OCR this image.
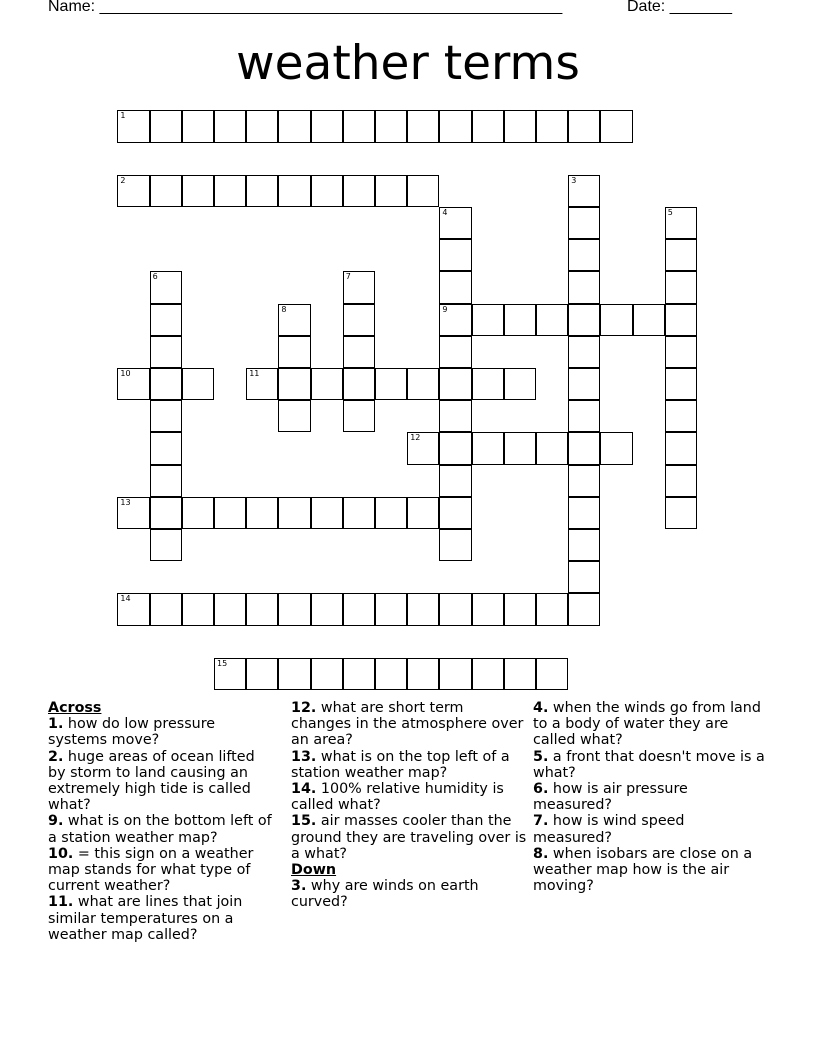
Name: ____________________________________________________	Date: _______
weather terms
1
2	3
4
9
5
6	7
8
10	11
12
13
14
15

Across

1. how do low pressure systems move?

2. huge areas of ocean lifted by storm to land causing an extremely high tide is called what?

9. what is on the bottom left of a station weather map?

10. = this sign on a weather map stands for what type of current weather?

11. what are lines that join similar temperatures on a weather map called?

12. what are short term changes in the atmosphere over an area?

13. what is on the top left of a station weather map?

14. 100% relative humidity is called what?

15. air masses cooler than the ground they are traveling over is a what?

Down

3. why are winds on earth curved?

4. when the winds go from land to a body of water they are called what?

5. a front that doesn't move is a what?

6. how is air pressure measured?

7. how is wind speed measured?

8. when isobars are close on a weather map how is the air moving?
